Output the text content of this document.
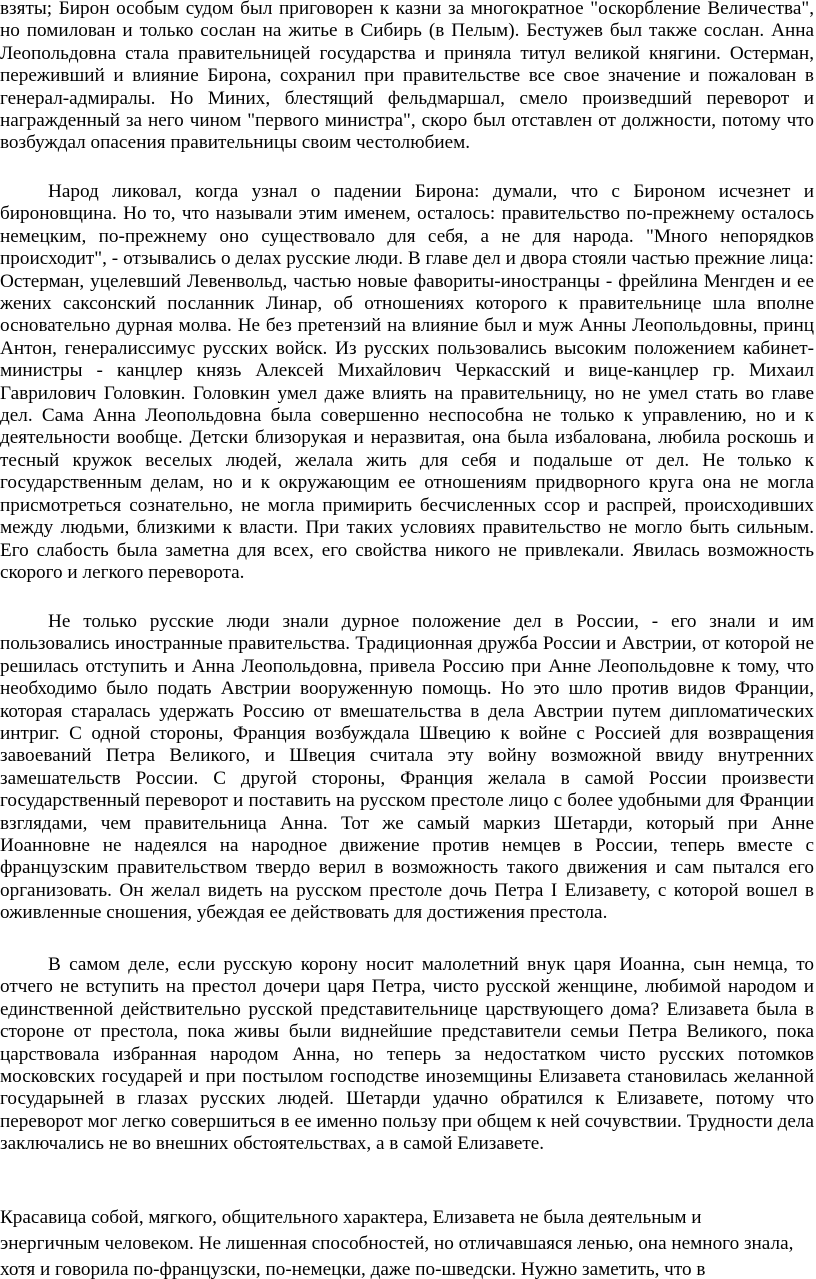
взяты; Бирон особым судом был приговорен к казни за многократное "оскорбление Величества", но помилован и только сослан на житье в Сибирь (в Пелым). Бестужев был также сослан. Анна Леопольдовна стала правительницей государства и приняла титул великой княгини. Остерман, переживший и влияние Бирона, сохранил при правительстве все свое значение и пожалован в генерал-адмиралы. Но Миних, блестящий фельдмаршал, смело произведший переворот и награжденный за него чином "первого министра", скоро был отставлен от должности, потому что возбуждал опасения правительницы своим честолюбием.

Народ ликовал, когда узнал о падении Бирона: думали, что с Бироном исчезнет и бироновщина. Но то, что называли этим именем, осталось: правительство по-прежнему осталось немецким, по-прежнему оно существовало для себя, а не для народа. "Много непорядков происходит", - отзывались о делах русские люди. В главе дел и двора стояли частью прежние лица: Остерман, уцелевший Левенвольд, частью новые фавориты-иностранцы - фрейлина Менгден и ее жених саксонский посланник Линар, об отношениях которого к правительнице шла вполне основательно дурная молва. Не без претензий на влияние был и муж Анны Леопольдовны, принц Антон, генералиссимус русских войск. Из русских пользовались высоким положением кабинет-министры - канцлер князь Алексей Михайлович Черкасский и вице-канцлер гр. Михаил Гаврилович Головкин. Головкин умел даже влиять на правительницу, но не умел стать во главе дел. Сама Анна Леопольдовна была совершенно неспособна не только к управлению, но и к деятельности вообще. Детски близорукая и неразвитая, она была избалована, любила роскошь и тесный кружок веселых людей, желала жить для себя и подальше от дел. Не только к государственным делам, но и к окружающим ее отношениям придворного круга она не могла присмотреться сознательно, не могла примирить бесчисленных ссор и распрей, происходивших между людьми, близкими к власти. При таких условиях правительство не могло быть сильным. Его слабость была заметна для всех, его свойства никого не привлекали. Явилась возможность скорого и легкого переворота.

Не только русские люди знали дурное положение дел в России, - его знали и им пользовались иностранные правительства. Традиционная дружба России и Австрии, от которой не решилась отступить и Анна Леопольдовна, привела Россию при Анне Леопольдовне к тому, что необходимо было подать Австрии вооруженную помощь. Но это шло против видов Франции, которая старалась удержать Россию от вмешательства в дела Австрии путем дипломатических интриг. С одной стороны, Франция возбуждала Швецию к войне с Россией для возвращения завоеваний Петра Великого, и Швеция считала эту войну возможной ввиду внутренних замешательств России. С другой стороны, Франция желала в самой России произвести государственный переворот и поставить на русском престоле лицо с более удобными для Франции взглядами, чем правительница Анна. Тот же самый маркиз Шетарди, который при Анне Иоанновне не надеялся на народное движение против немцев в России, теперь вместе с французским правительством твердо верил в возможность такого движения и сам пытался его организовать. Он желал видеть на русском престоле дочь Петра I Елизавету, с которой вошел в оживленные сношения, убеждая ее действовать для достижения престола.

В самом деле, если русскую корону носит малолетний внук царя Иоанна, сын немца, то отчего не вступить на престол дочери царя Петра, чисто русской женщине, любимой народом и единственной действительно русской представительнице царствующего дома? Елизавета была в стороне от престола, пока живы были виднейшие представители семьи Петра Великого, пока царствовала избранная народом Анна, но теперь за недостатком чисто русских потомков московских государей и при постылом господстве иноземщины Елизавета становилась желанной государыней в глазах русских людей. Шетарди удачно обратился к Елизавете, потому что переворот мог легко совершиться в ее именно пользу при общем к ней сочувствии. Трудности дела заключались не во внешних обстоятельствах, а в самой Елизавете.

Красавица собой, мягкого, общительного характера, Елизавета не была деятельным и энергичным человеком. Не лишенная способностей, но отличавшаяся ленью, она немного знала, хотя и говорила по-французски, по-немецки, даже по-шведски. Нужно заметить, что в
